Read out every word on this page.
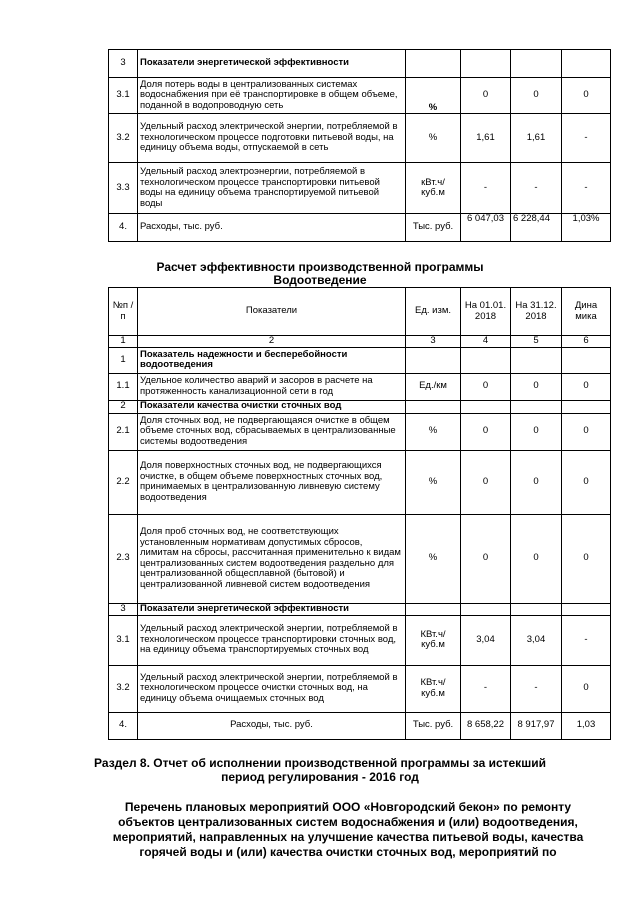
3	Показатели энергетической эффективности				
3.1	Доля потерь воды в централизованных системах водоснабжения при её транспортировке в общем объеме, поданной в водопроводную сеть	%	0	0	0
3.2	Удельный расход электрической энергии, потребляемой в технологическом процессе подготовки питьевой воды, на единицу объема воды, отпускаемой в сеть	%	1,61	1,61	-
3.3	Удельный расход электроэнергии, потребляемой в технологическом процессе транспортировки питьевой воды на единицу объема транспортируемой питьевой воды	кВт.ч/ куб.м	-	-	-
4.	Расходы, тыс. руб.	Тыс. руб.	6 047,03	6 228,44	1,03%

Расчет эффективности производственной программы

Водоотведение

№п /п	Показатели	Ед. изм.	На 01.01. 2018	На 31.12. 2018	Дина мика
1	2	3	4	5	6
1	Показатель надежности и бесперебойности водоотведения				
1.1	Удельное количество аварий и засоров в расчете на протяженность канализационной сети в год	Ед./км	0	0	0
2	Показатели качества очистки сточных вод				
2.1	Доля сточных вод, не подвергающаяся очистке в общем объеме сточных вод, сбрасываемых в централизованные системы водоотведения	%	0	0	0
2.2	Доля поверхностных сточных вод, не подвергающихся очистке, в общем объеме поверхностных сточных вод, принимаемых в централизованную ливневую систему водоотведения	%	0	0	0
2.3	Доля проб сточных вод, не соответствующих установленным нормативам допустимых сбросов, лимитам на сбросы, рассчитанная применительно к видам централизованных систем водоотведения раздельно для централизованной общесплавной (бытовой) и централизованной ливневой систем водоотведения	%	0	0	0
3	Показатели энергетической эффективности				
3.1	Удельный расход электрической энергии, потребляемой в технологическом процессе транспортировки сточных вод, на единицу объема транспортируемых сточных вод	КВт.ч/ куб.м	3,04	3,04	-
3.2	Удельный расход электрической энергии, потребляемой в технологическом процессе очистки сточных вод, на единицу объема очищаемых сточных вод	КВт.ч/ куб.м	-	-	0
4.	Расходы, тыс. руб.	Тыс. руб.	8 658,22	8 917,97	1,03

Раздел 8. Отчет об исполнении производственной программы за истекший

период регулирования - 2016 год

Перечень плановых мероприятий ООО «Новгородский бекон» по ремонту

объектов централизованных систем водоснабжения и (или) водоотведения,

мероприятий, направленных на улучшение качества питьевой воды, качества

горячей воды и (или) качества очистки сточных вод, мероприятий по
